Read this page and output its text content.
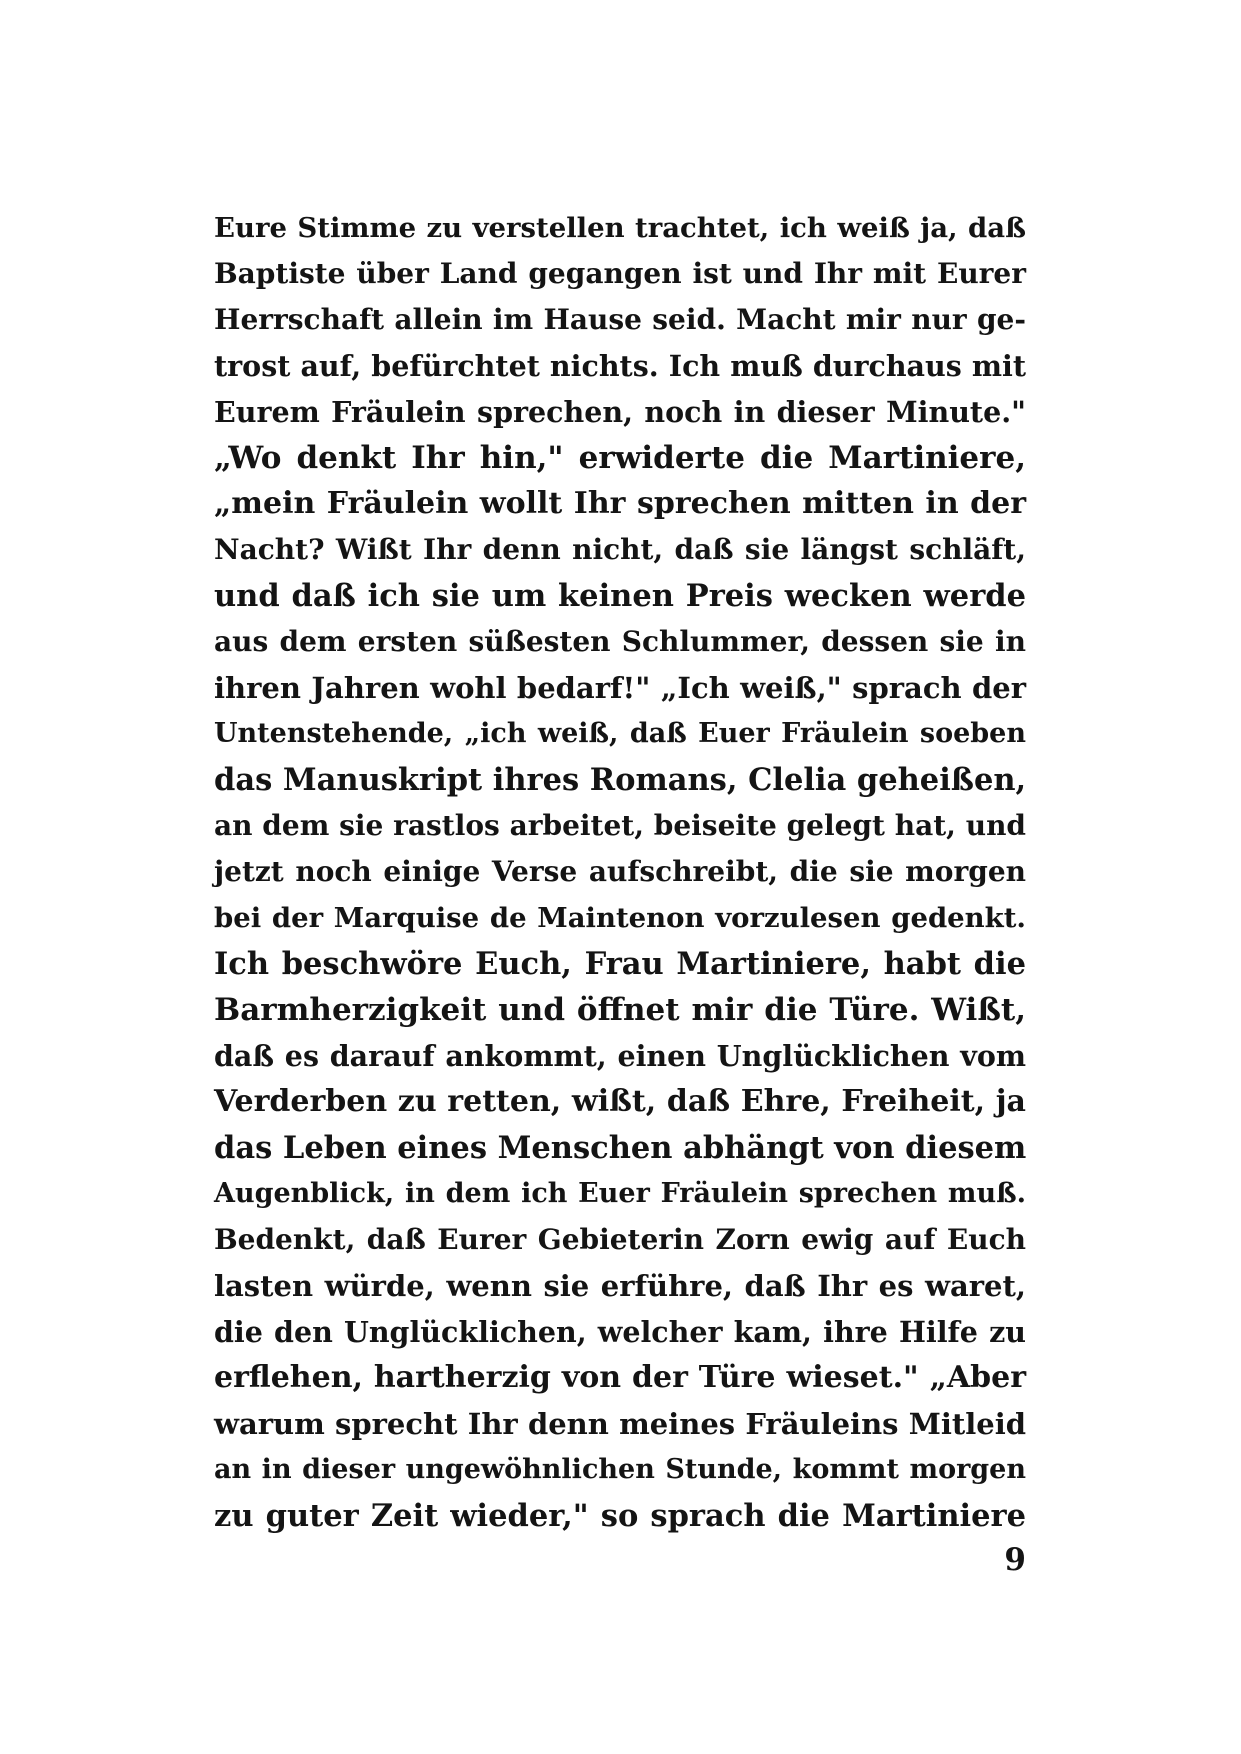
Eure Stimme zu verstellen trachtet, ich weiß ja, daß
Baptiste über Land gegangen ist und Ihr mit Eurer
Herrschaft allein im Hause seid. Macht mir nur ge-
trost auf, befürchtet nichts. Ich muß durchaus mit
Eurem Fräulein sprechen, noch in dieser Minute."
„Wo denkt Ihr hin," erwiderte die Martiniere,
„mein Fräulein wollt Ihr sprechen mitten in der
Nacht? Wißt Ihr denn nicht, daß sie längst schläft,
und daß ich sie um keinen Preis wecken werde
aus dem ersten süßesten Schlummer, dessen sie in
ihren Jahren wohl bedarf!" „Ich weiß," sprach der
Untenstehende, „ich weiß, daß Euer Fräulein soeben
das Manuskript ihres Romans, Clelia geheißen,
an dem sie rastlos arbeitet, beiseite gelegt hat, und
jetzt noch einige Verse aufschreibt, die sie morgen
bei der Marquise de Maintenon vorzulesen gedenkt.
Ich beschwöre Euch, Frau Martiniere, habt die
Barmherzigkeit und öffnet mir die Türe. Wißt,
daß es darauf ankommt, einen Unglücklichen vom
Verderben zu retten, wißt, daß Ehre, Freiheit, ja
das Leben eines Menschen abhängt von diesem
Augenblick, in dem ich Euer Fräulein sprechen muß.
Bedenkt, daß Eurer Gebieterin Zorn ewig auf Euch
lasten würde, wenn sie erführe, daß Ihr es waret,
die den Unglücklichen, welcher kam, ihre Hilfe zu
erflehen, hartherzig von der Türe wieset." „Aber
warum sprecht Ihr denn meines Fräuleins Mitleid
an in dieser ungewöhnlichen Stunde, kommt morgen
zu guter Zeit wieder," so sprach die Martiniere
9
